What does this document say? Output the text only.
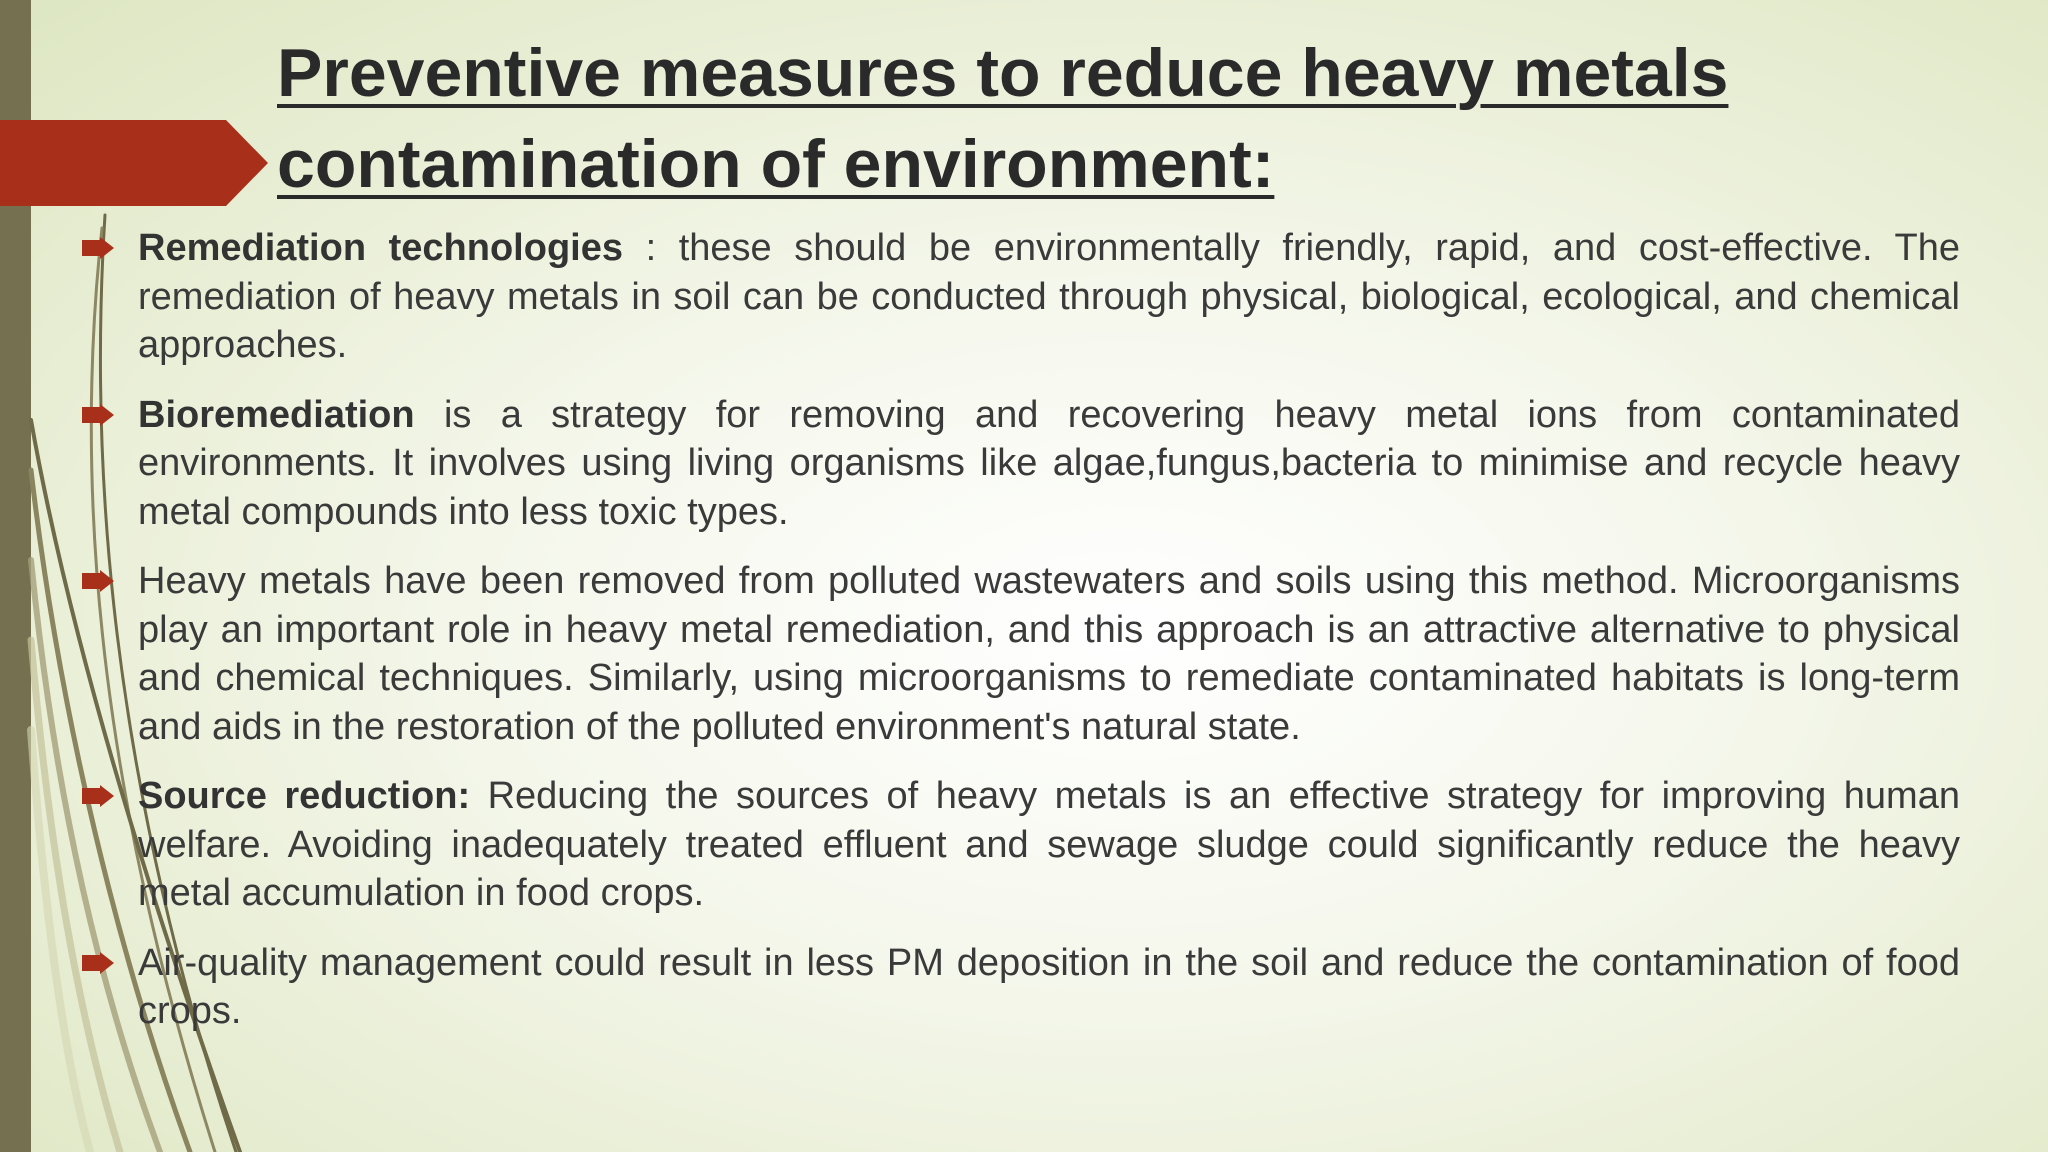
Preventive measures to reduce heavy metals
contamination of environment:

Remediation technologies : these should be environmentally friendly, rapid, and cost-effective. The remediation of heavy metals in soil can be conducted through physical, biological, ecological, and chemical approaches.

Bioremediation is a strategy for removing and recovering heavy metal ions from contaminated environments. It involves using living organisms like algae,fungus,bacteria to minimise and recycle heavy metal compounds into less toxic types.

Heavy metals have been removed from polluted wastewaters and soils using this method. Microorganisms play an important role in heavy metal remediation, and this approach is an attractive alternative to physical and chemical techniques. Similarly, using microorganisms to remediate contaminated habitats is long-term and aids in the restoration of the polluted environment's natural state.

Source reduction: Reducing the sources of heavy metals is an effective strategy for improving human welfare. Avoiding inadequately treated effluent and sewage sludge could significantly reduce the heavy metal accumulation in food crops.

Air-quality management could result in less PM deposition in the soil and reduce the contamination of food crops.
